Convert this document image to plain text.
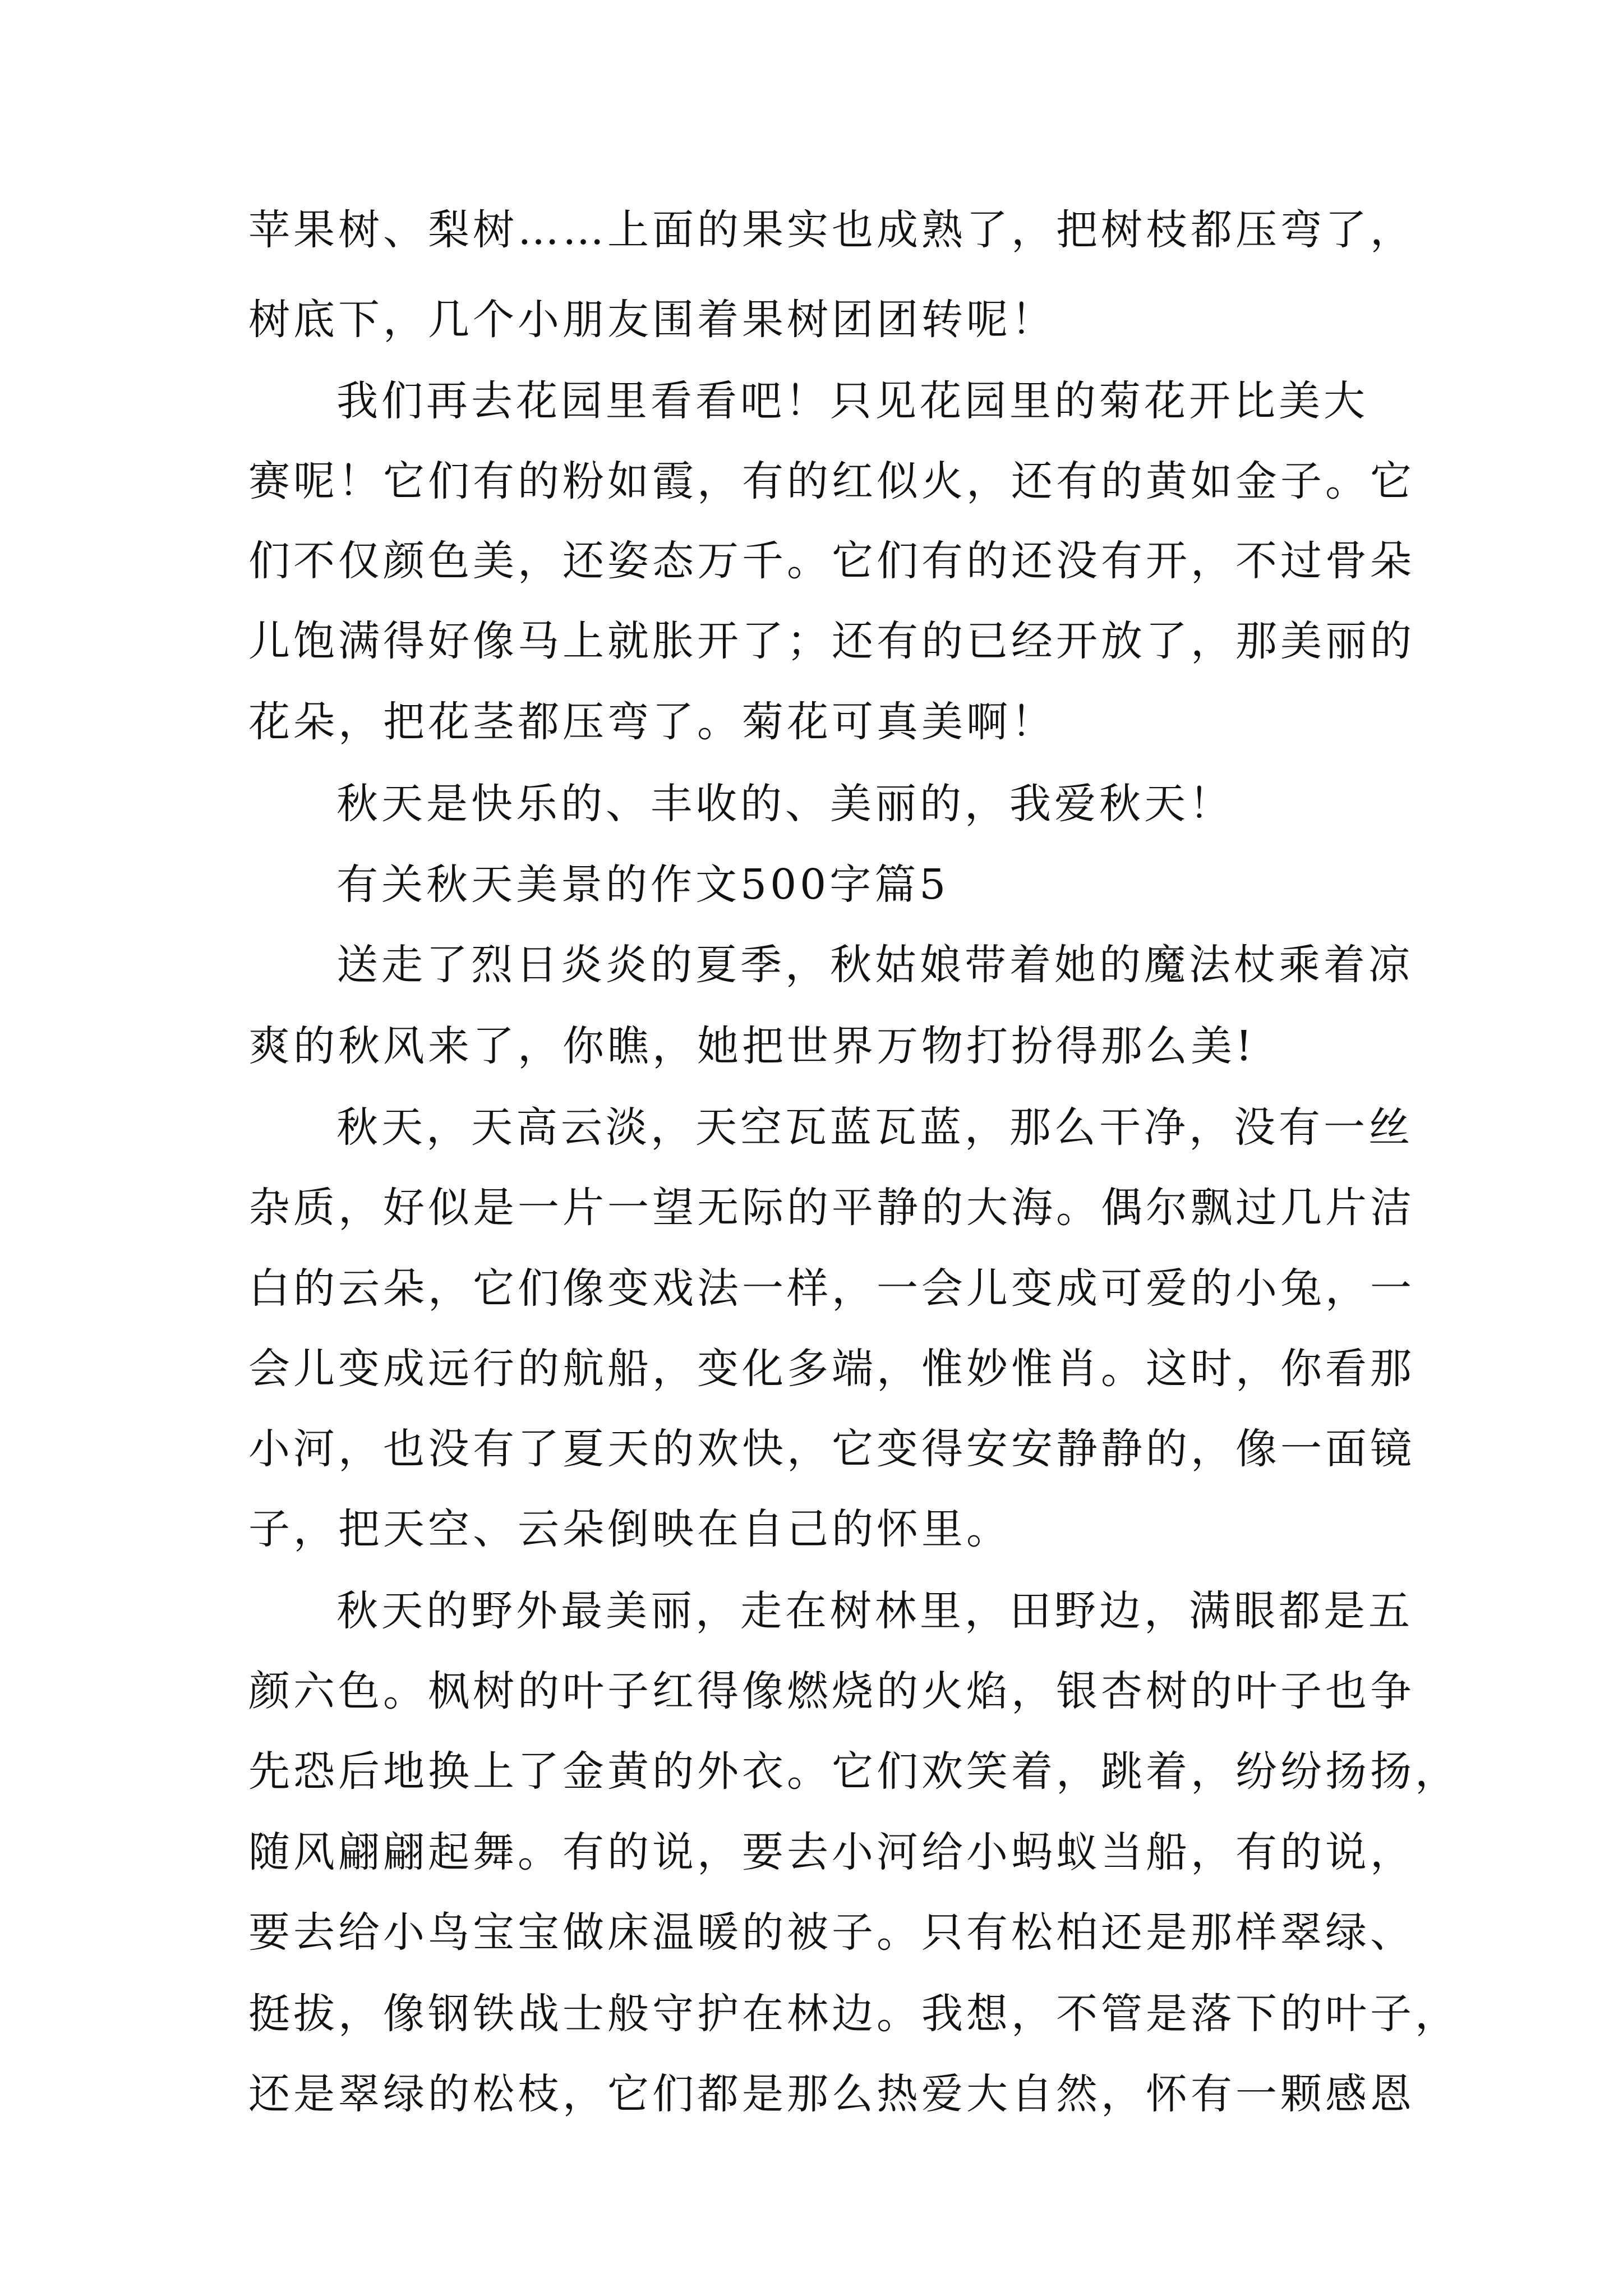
苹果树、梨树……上面的果实也成熟了，把树枝都压弯了，
树底下，几个小朋友围着果树团团转呢！
我们再去花园里看看吧！只见花园里的菊花开比美大
赛呢！它们有的粉如霞，有的红似火，还有的黄如金子。它
们不仅颜色美，还姿态万千。它们有的还没有开，不过骨朵
儿饱满得好像马上就胀开了；还有的已经开放了，那美丽的
花朵，把花茎都压弯了。菊花可真美啊！
秋天是快乐的、丰收的、美丽的，我爱秋天！
有关秋天美景的作文500字篇5
送走了烈日炎炎的夏季，秋姑娘带着她的魔法杖乘着凉
爽的秋风来了，你瞧，她把世界万物打扮得那么美!
秋天，天高云淡，天空瓦蓝瓦蓝，那么干净，没有一丝
杂质，好似是一片一望无际的平静的大海。偶尔飘过几片洁
白的云朵，它们像变戏法一样，一会儿变成可爱的小兔，一
会儿变成远行的航船，变化多端，惟妙惟肖。这时，你看那
小河，也没有了夏天的欢快，它变得安安静静的，像一面镜
子，把天空、云朵倒映在自己的怀里。
秋天的野外最美丽，走在树林里，田野边，满眼都是五
颜六色。枫树的叶子红得像燃烧的火焰，银杏树的叶子也争
先恐后地换上了金黄的外衣。它们欢笑着，跳着，纷纷扬扬，
随风翩翩起舞。有的说，要去小河给小蚂蚁当船，有的说，
要去给小鸟宝宝做床温暖的被子。只有松柏还是那样翠绿、
挺拔，像钢铁战士般守护在林边。我想，不管是落下的叶子，
还是翠绿的松枝，它们都是那么热爱大自然，怀有一颗感恩
